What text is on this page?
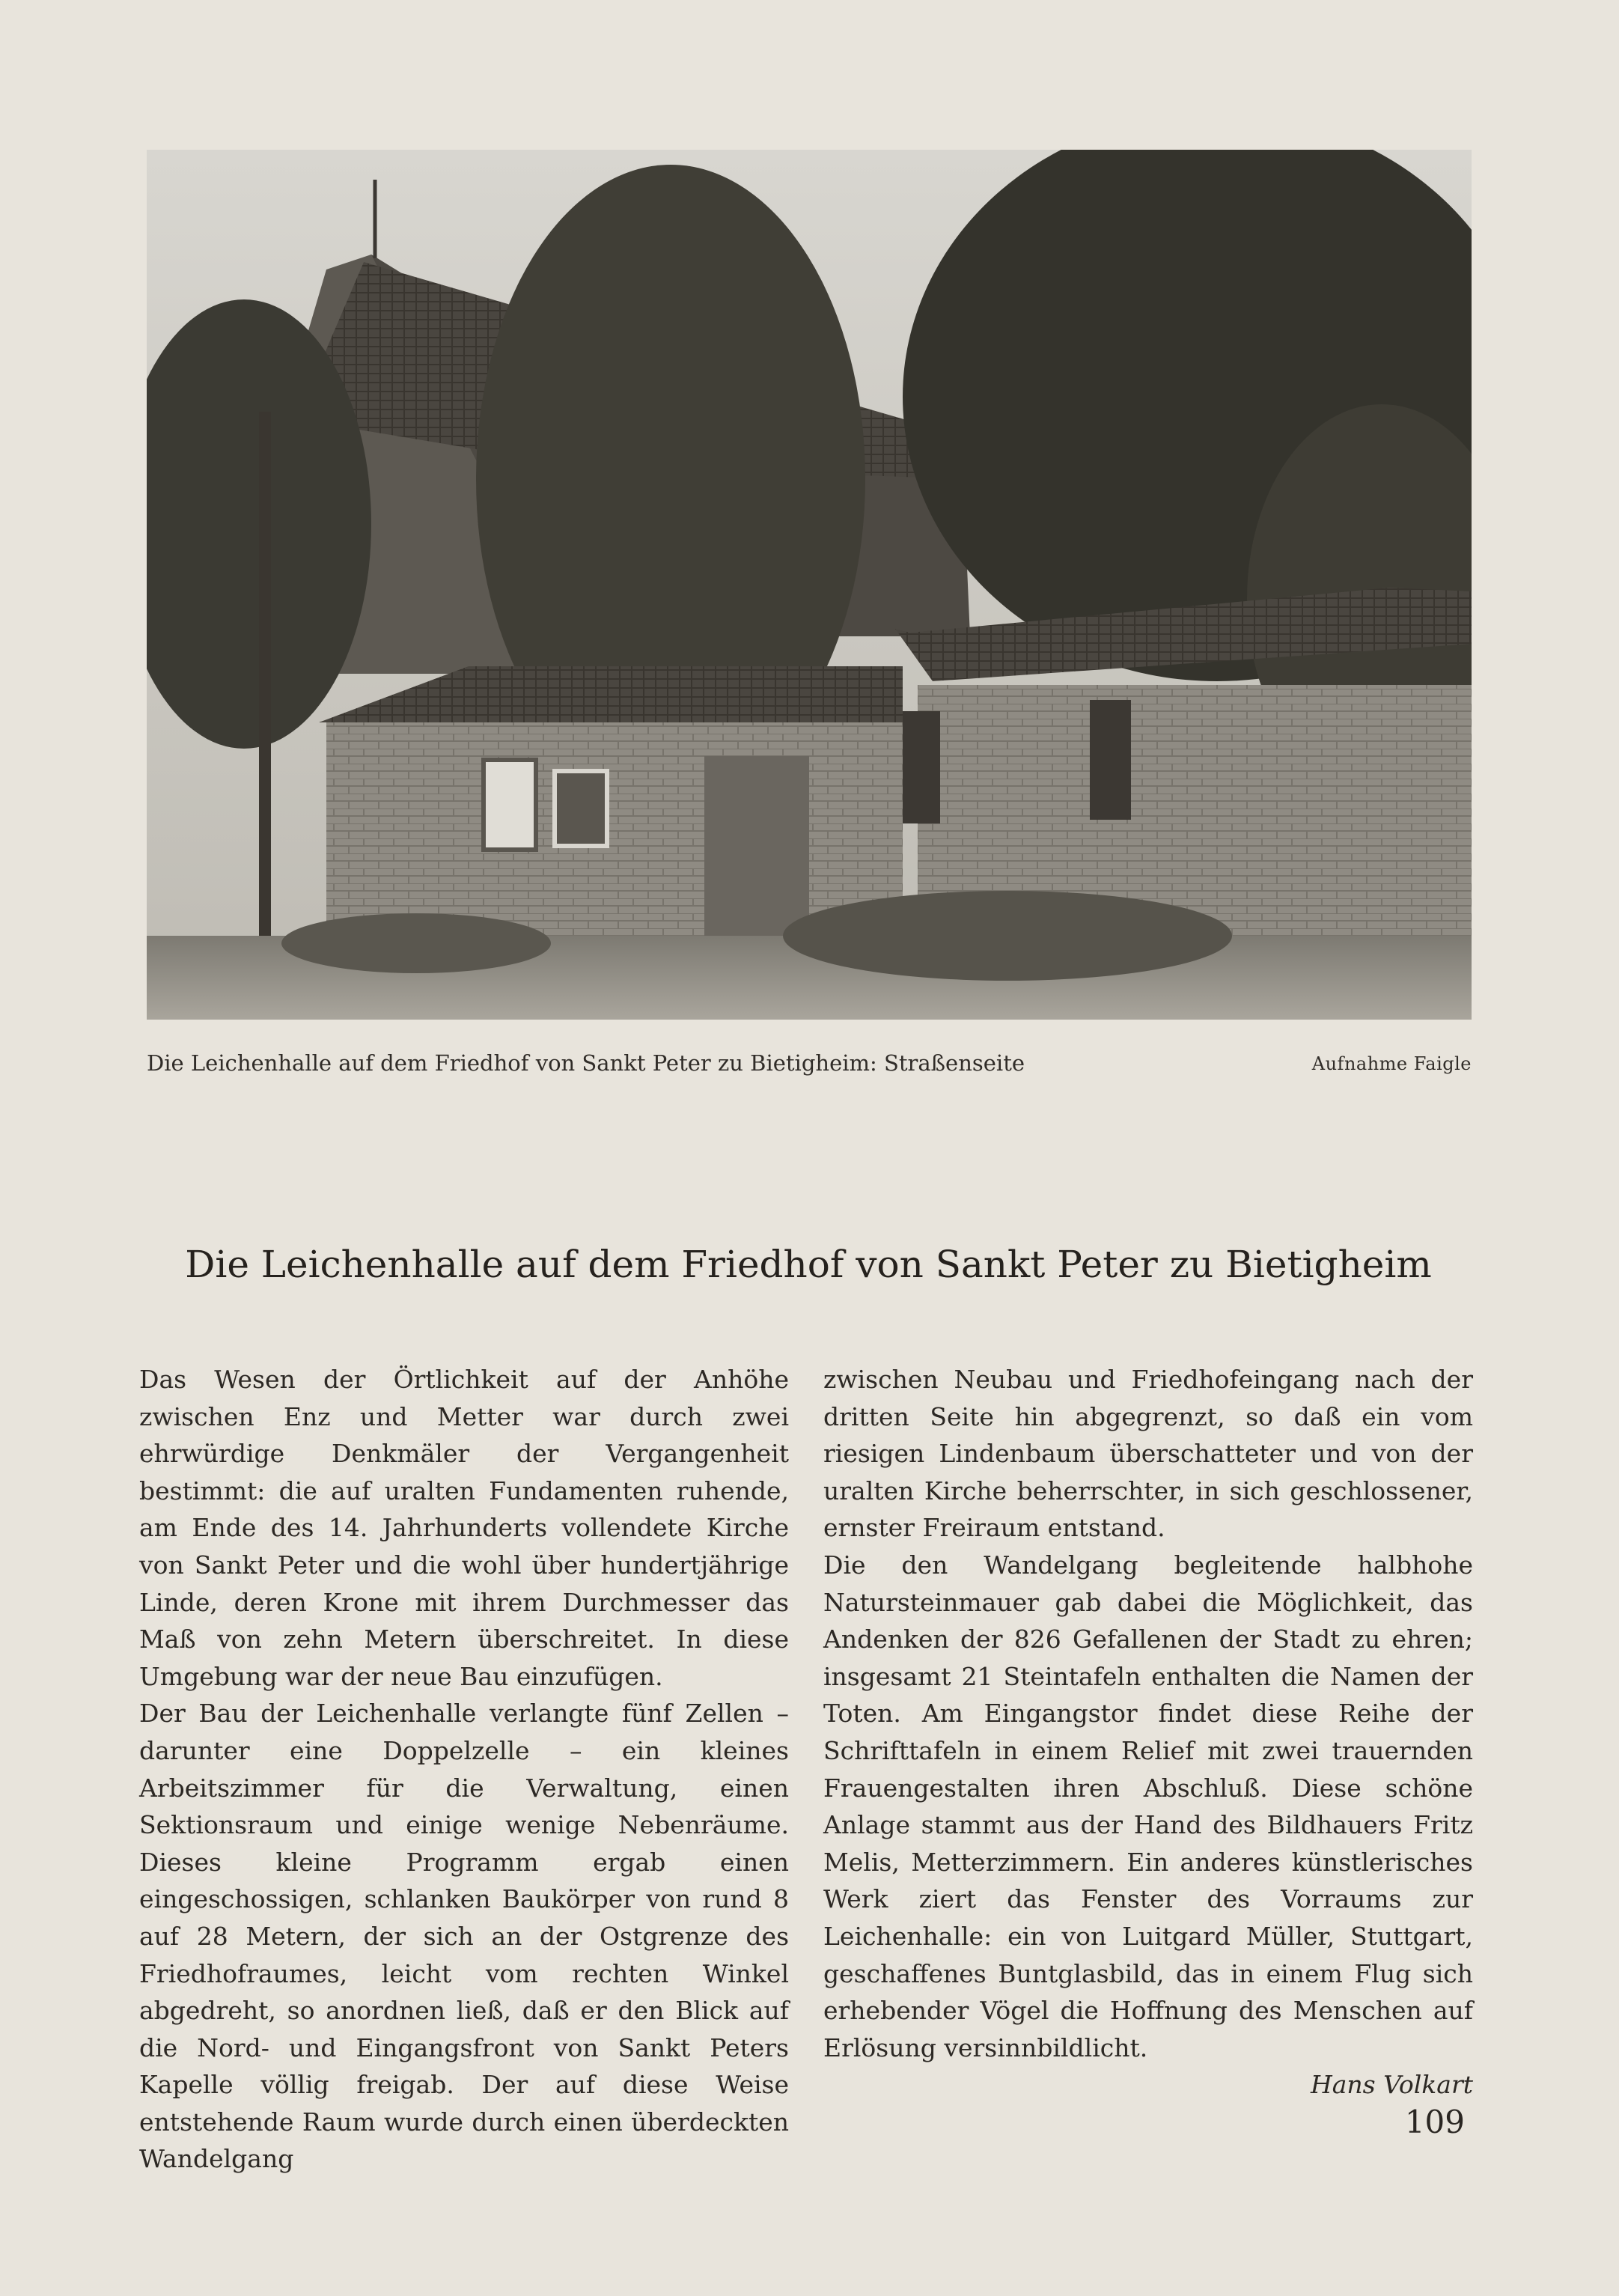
Die Leichenhalle auf dem Friedhof von Sankt Peter zu Bietigheim: Straßenseite	Aufnahme Faigle
Die Leichenhalle auf dem Friedhof von Sankt Peter zu Bietigheim

Das Wesen der Örtlichkeit auf der Anhöhe zwischen Enz und Metter war durch zwei ehrwürdige Denkmäler der Vergangenheit bestimmt: die auf uralten Fundamenten ruhende, am Ende des 14. Jahrhunderts vollendete Kirche von Sankt Peter und die wohl über hundertjährige Linde, deren Krone mit ihrem Durchmesser das Maß von zehn Metern überschreitet. In diese Umgebung war der neue Bau einzufügen.

Der Bau der Leichenhalle verlangte fünf Zellen – darunter eine Doppelzelle – ein kleines Arbeitszimmer für die Verwaltung, einen Sektionsraum und einige wenige Nebenräume. Dieses kleine Programm ergab einen eingeschossigen, schlanken Baukörper von rund 8 auf 28 Metern, der sich an der Ostgrenze des Friedhofraumes, leicht vom rechten Winkel abgedreht, so anordnen ließ, daß er den Blick auf die Nord- und Eingangsfront von Sankt Peters Kapelle völlig freigab. Der auf diese Weise entstehende Raum wurde durch einen überdeckten Wandelgang

zwischen Neubau und Friedhofeingang nach der dritten Seite hin abgegrenzt, so daß ein vom riesigen Lindenbaum überschatteter und von der uralten Kirche beherrschter, in sich geschlossener, ernster Freiraum entstand.

Die den Wandelgang begleitende halbhohe Natursteinmauer gab dabei die Möglichkeit, das Andenken der 826 Gefallenen der Stadt zu ehren; insgesamt 21 Steintafeln enthalten die Namen der Toten. Am Eingangstor findet diese Reihe der Schrifttafeln in einem Relief mit zwei trauernden Frauengestalten ihren Abschluß. Diese schöne Anlage stammt aus der Hand des Bildhauers Fritz Melis, Metterzimmern. Ein anderes künstlerisches Werk ziert das Fenster des Vorraums zur Leichenhalle: ein von Luitgard Müller, Stuttgart, geschaffenes Buntglasbild, das in einem Flug sich erhebender Vögel die Hoffnung des Menschen auf Erlösung versinnbildlicht.

Hans Volkart

109
